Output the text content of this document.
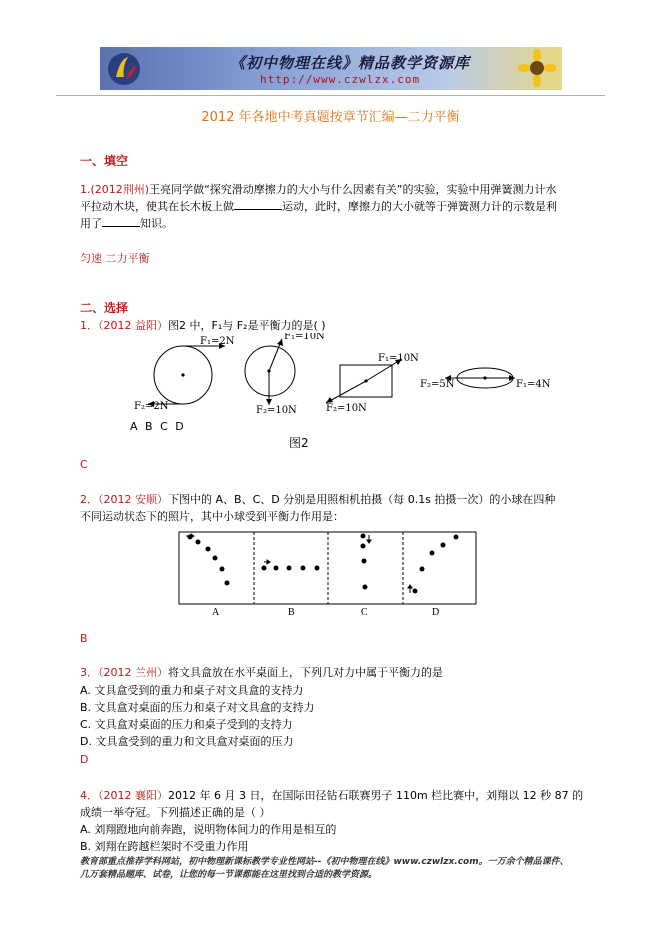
《初中物理在线》精品教学资源库
http://www.czwlzx.com
2012 年各地中考真题按章节汇编—二力平衡
一、填空
1.(2012荆州)王亮同学做“探究滑动摩擦力的大小与什么因素有关”的实验，实验中用弹簧测力计水
平拉动木块，使其在长木板上做	运动，此时，摩擦力的大小就等于弹簧测力计的示数是利
用了	知识。
匀速 二力平衡
二、选择
1．（2012 益阳）图2 中，F₁与 F₂是平衡力的是( )
F₁=2N
F₂=2N
F₁=10N
F₂=10N
F₁=10N
F₂=10N
F₁=4N
F₂=5N
A B C D
图2
C
2．（2012 安顺）下图中的 A、B、C、D 分别是用照相机拍摄（每 0.1s 拍摄一次）的小球在四种
不同运动状态下的照片，其中小球受到平衡力作用是：
A	B	C	D
B
3．（2012 兰州）将文具盒放在水平桌面上，下列几对力中属于平衡力的是
A. 文具盒受到的重力和桌子对文具盒的支持力
B. 文具盒对桌面的压力和桌子对文具盒的支持力
C. 文具盒对桌面的压力和桌子受到的支持力
D. 文具盒受到的重力和文具盒对桌面的压力
D
4．（2012 襄阳）2012 年 6 月 3 日，在国际田径钻石联赛男子 110m 栏比赛中，刘翔以 12 秒 87 的
成绩一举夺冠。下列描述正确的是（ ）
A. 刘翔蹬地向前奔跑，说明物体间力的作用是相互的
B. 刘翔在跨越栏架时不受重力作用
教育部重点推荐学科网站，初中物理新课标教学专业性网站--《初中物理在线》www.czwlzx.com。一万余个精品课件、
几万套精品题库、试卷，让您的每一节课都能在这里找到合适的教学资源。
